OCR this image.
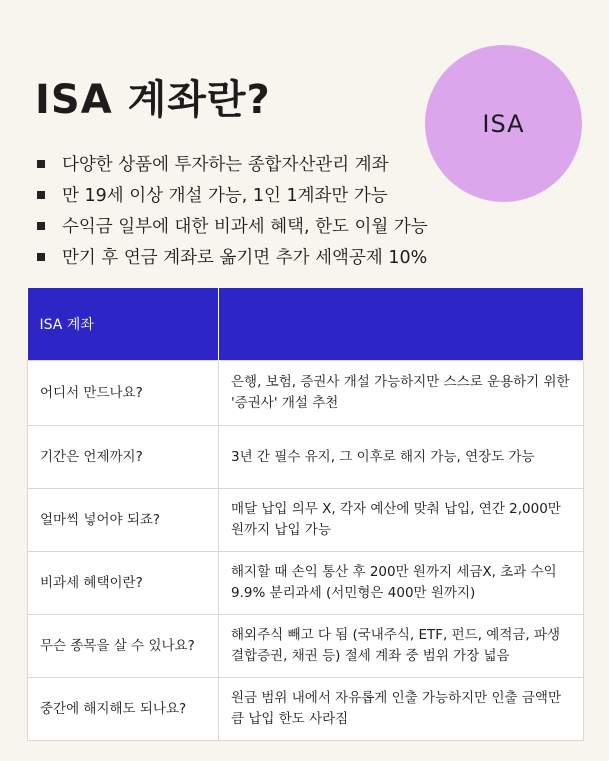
ISA 계좌란?
ISA
다양한 상품에 투자하는 종합자산관리 계좌
만 19세 이상 개설 가능, 1인 1계좌만 가능
수익금 일부에 대한 비과세 혜택, 한도 이월 가능
만기 후 연금 계좌로 옮기면 추가 세액공제 10%
ISA 계좌	
어디서 만드나요?	은행, 보험, 증권사 개설 가능하지만 스스로 운용하기 위한 '증권사' 개설 추천
기간은 언제까지?	3년 간 필수 유지, 그 이후로 해지 가능, 연장도 가능
얼마씩 넣어야 되죠?	매달 납입 의무 X, 각자 예산에 맞춰 납입, 연간 2,000만 원까지 납입 가능
비과세 혜택이란?	해지할 때 손익 통산 후 200만 원까지 세금X, 초과 수익 9.9% 분리과세 (서민형은 400만 원까지)
무슨 종목을 살 수 있나요?	해외주식 빼고 다 됨 (국내주식, ETF, 펀드, 예적금, 파생결합증권, 채권 등) 절세 계좌 중 범위 가장 넓음
중간에 해지해도 되나요?	원금 범위 내에서 자유롭게 인출 가능하지만 인출 금액만큼 납입 한도 사라짐
